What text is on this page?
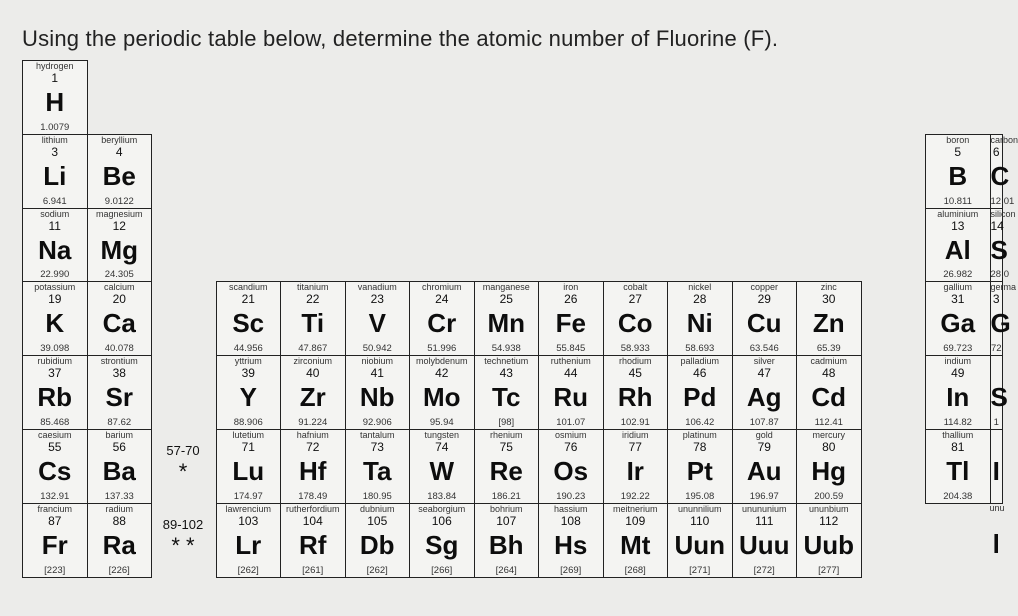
Using the periodic table below, determine the atomic number of Fluorine (F).
hydrogen
1
H
1.0079
lithium
3
Li
6.941
beryllium
4
Be
9.0122
boron
5
B
10.811
carbon
6
C
12.01
sodium
11
Na
22.990
magnesium
12
Mg
24.305
aluminium
13
Al
26.982
silicon
14
S
28.0
potassium
19
K
39.098
calcium
20
Ca
40.078
scandium
21
Sc
44.956
titanium
22
Ti
47.867
vanadium
23
V
50.942
chromium
24
Cr
51.996
manganese
25
Mn
54.938
iron
26
Fe
55.845
cobalt
27
Co
58.933
nickel
28
Ni
58.693
copper
29
Cu
63.546
zinc
30
Zn
65.39
gallium
31
Ga
69.723
germa
3
G
72
rubidium
37
Rb
85.468
strontium
38
Sr
87.62
yttrium
39
Y
88.906
zirconium
40
Zr
91.224
niobium
41
Nb
92.906
molybdenum
42
Mo
95.94
technetium
43
Tc
[98]
ruthenium
44
Ru
101.07
rhodium
45
Rh
102.91
palladium
46
Pd
106.42
silver
47
Ag
107.87
cadmium
48
Cd
112.41
indium
49
In
114.82
S
1
caesium
55
Cs
132.91
barium
56
Ba
137.33
lutetium
71
Lu
174.97
hafnium
72
Hf
178.49
tantalum
73
Ta
180.95
tungsten
74
W
183.84
rhenium
75
Re
186.21
osmium
76
Os
190.23
iridium
77
Ir
192.22
platinum
78
Pt
195.08
gold
79
Au
196.97
mercury
80
Hg
200.59
thallium
81
Tl
204.38
I
francium
87
Fr
[223]
radium
88
Ra
[226]
lawrencium
103
Lr
[262]
rutherfordium
104
Rf
[261]
dubnium
105
Db
[262]
seaborgium
106
Sg
[266]
bohrium
107
Bh
[264]
hassium
108
Hs
[269]
meitnerium
109
Mt
[268]
ununnilium
110
Uun
[271]
unununium
111
Uuu
[272]
ununbium
112
Uub
[277]
unu
l
57-70
*
89-102
* *
